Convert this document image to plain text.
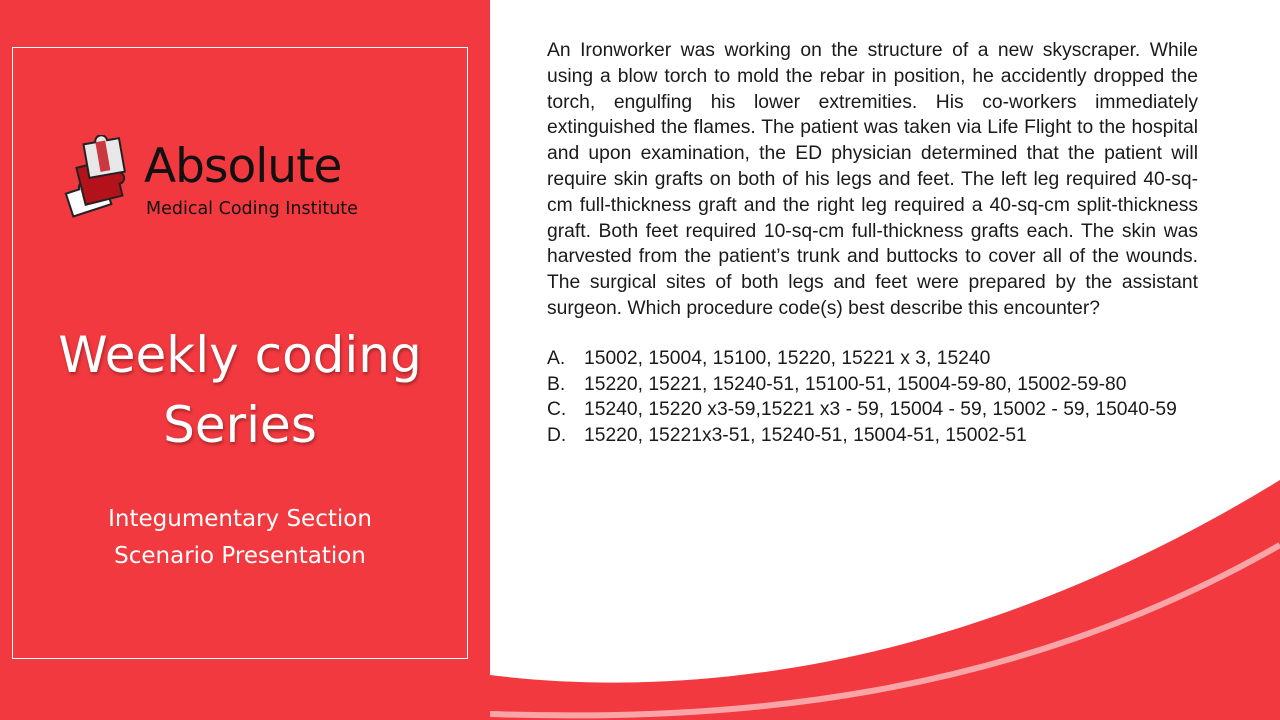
Absolute
Medical Coding Institute
Weekly coding Series
Integumentary Section
Scenario Presentation

An Ironworker was working on the structure of a new skyscraper. While using a blow torch to mold the rebar in position, he accidently dropped the torch, engulfing his lower extremities. His co-workers immediately extinguished the flames. The patient was taken via Life Flight to the hospital and upon examination, the ED physician determined that the patient will require skin grafts on both of his legs and feet. The left leg required 40-sq-cm full-thickness graft and the right leg required a 40-sq-cm split-thickness graft. Both feet required 10-sq-cm full-thickness grafts each. The skin was harvested from the patient’s trunk and buttocks to cover all of the wounds. The surgical sites of both legs and feet were prepared by the assistant surgeon. Which procedure code(s) best describe this encounter?

A. 15002, 15004, 15100, 15220, 15221 x 3, 15240
B. 15220, 15221, 15240-51, 15100-51, 15004-59-80, 15002-59-80
C. 15240, 15220 x3-59,15221 x3 - 59, 15004 - 59, 15002 - 59, 15040-59
D. 15220, 15221x3-51, 15240-51, 15004-51, 15002-51
